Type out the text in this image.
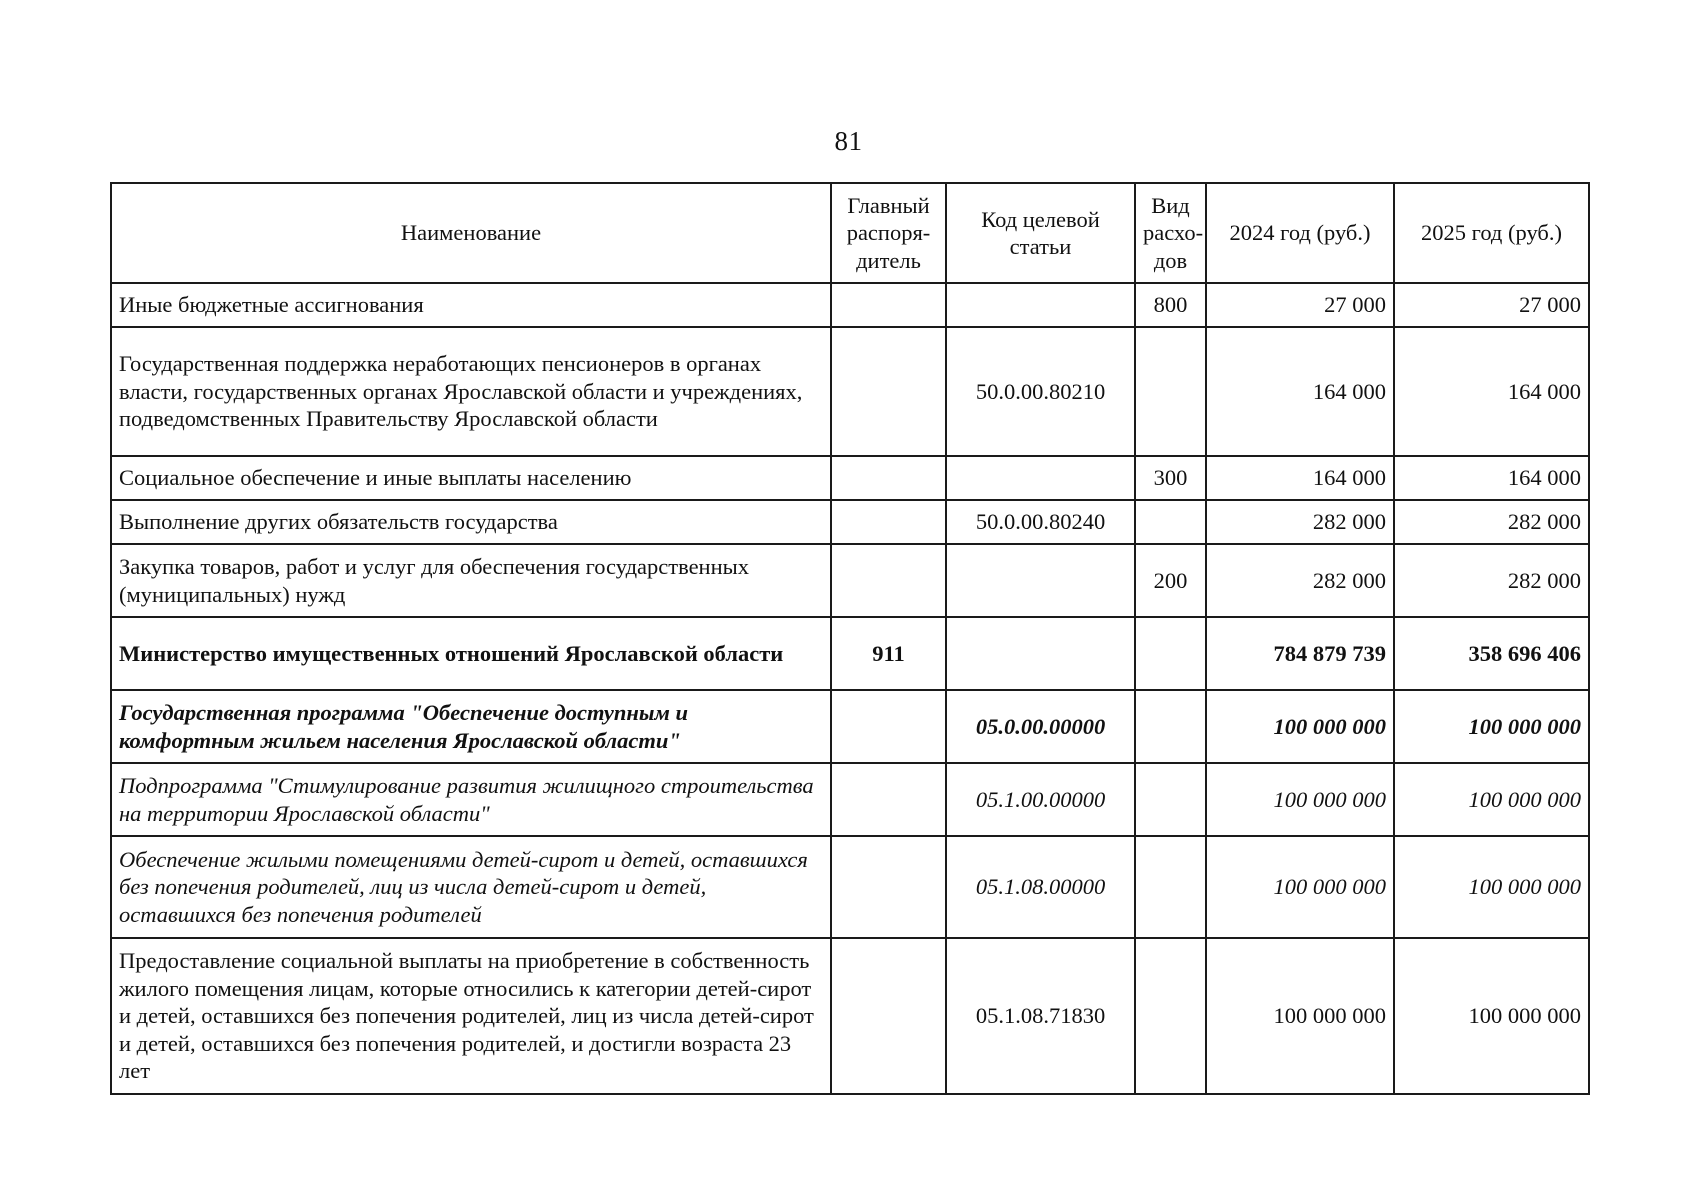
81
Наименование	Главный распоря-дитель	Код целевой статьи	Вид расхо-дов	2024 год (руб.)	2025 год (руб.)
Иные бюджетные ассигнования			800	27 000	27 000
Государственная поддержка неработающих пенсионеров в органах власти, государственных органах Ярославской области и учреждениях, подведомственных Правительству Ярославской области		50.0.00.80210		164 000	164 000
Социальное обеспечение и иные выплаты населению			300	164 000	164 000
Выполнение других обязательств государства		50.0.00.80240		282 000	282 000
Закупка товаров, работ и услуг для обеспечения государственных (муниципальных) нужд			200	282 000	282 000
Министерство имущественных отношений Ярославской области	911			784 879 739	358 696 406
Государственная программа "Обеспечение доступным и комфортным жильем населения Ярославской области"		05.0.00.00000		100 000 000	100 000 000
Подпрограмма "Стимулирование развития жилищного строительства на территории Ярославской области"		05.1.00.00000		100 000 000	100 000 000
Обеспечение жилыми помещениями детей-сирот и детей, оставшихся без попечения родителей, лиц из числа детей-сирот и детей, оставшихся без попечения родителей		05.1.08.00000		100 000 000	100 000 000
Предоставление социальной выплаты на приобретение в собственность жилого помещения лицам, которые относились к категории детей-сирот и детей, оставшихся без попечения родителей, лиц из числа детей-сирот и детей, оставшихся без попечения родителей, и достигли возраста 23 лет		05.1.08.71830		100 000 000	100 000 000
